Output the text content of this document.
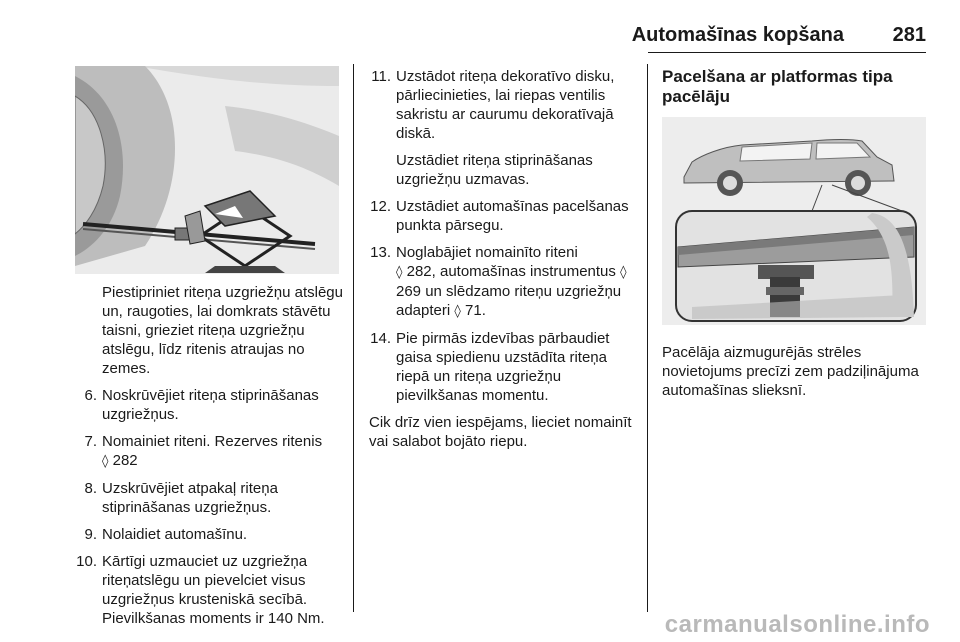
Automašīnas kopšana	281

Piestipriniet riteņa uzgriežņu atslēgu un, raugoties, lai domkrats stāvētu taisni, grieziet riteņa uzgriežņu atslēgu, līdz ritenis atraujas no zemes.

6. Noskrūvējiet riteņa stiprināšanas uzgriežņus.
7. Nomainiet riteni. Rezerves ritenis
◊ 282
8. Uzskrūvējiet atpakaļ riteņa stiprināšanas uzgriežņus.
9. Nolaidiet automašīnu.
10. Kārtīgi uzmauciet uz uzgriežņa riteņatslēgu un pievelciet visus uzgriežņus krusteniskā secībā. Pievilkšanas moments ir 140 Nm.
11. Uzstādot riteņa dekoratīvo disku, pārliecinieties, lai riepas ventilis sakristu ar caurumu dekoratīvajā diskā.

Uzstādiet riteņa stiprināšanas uzgriežņu uzmavas.

12. Uzstādiet automašīnas pacelšanas punkta pārsegu.
13. Noglabājiet nomainīto riteni
◊ 282, automašīnas instrumentus ◊ 269 un slēdzamo riteņu uzgriežņu adapteri ◊ 71.
14. Pie pirmās izdevības pārbaudiet gaisa spiedienu uzstādīta riteņa riepā un riteņa uzgriežņu pievilkšanas momentu.

Cik drīz vien iespējams, lieciet nomainīt vai salabot bojāto riepu.

Pacelšana ar platformas tipa
pacēlāju

Pacēlāja aizmugurējās strēles novietojums precīzi zem padziļinājuma automašīnas slieksnī.

carmanualsonline.info
